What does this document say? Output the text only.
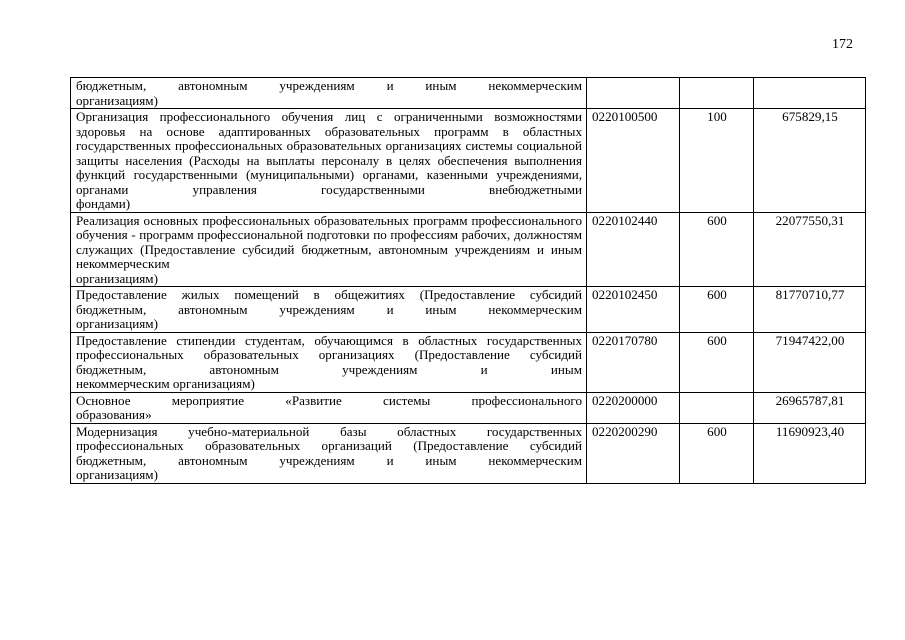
172
бюджетным, автономным учреждениям и иным некоммерческим
организациям)			

Организация профессионального обучения лиц с ограниченными возможностями здоровья на основе адаптированных образовательных программ в областных государственных профессиональных образовательных организациях системы социальной защиты населения (Расходы на выплаты персоналу в целях обеспечения выполнения функций государственными (муниципальными) органами, казенными учреждениями, органами управления государственными внебюджетными
фондами)	0220100500	100	675829,15
Реализация основных профессиональных образовательных программ профессионального обучения - программ профессиональной подготовки по профессиям рабочих, должностям служащих (Предоставление субсидий бюджетным, автономным учреждениям и иным некоммерческим
организациям)	0220102440	600	22077550,31
Предоставление жилых помещений в общежитиях (Предоставление субсидий бюджетным, автономным учреждениям и иным некоммерческим
организациям)	0220102450	600	81770710,77
Предоставление стипендии студентам, обучающимся в областных государственных профессиональных образовательных организациях (Предоставление субсидий бюджетным, автономным учреждениям и иным
некоммерческим организациям)	0220170780	600	71947422,00
Основное мероприятие «Развитие системы профессионального
образования»	0220200000		26965787,81
Модернизация учебно-материальной базы областных государственных профессиональных образовательных организаций (Предоставление субсидий бюджетным, автономным учреждениям и иным некоммерческим
организациям)	0220200290	600	11690923,40
